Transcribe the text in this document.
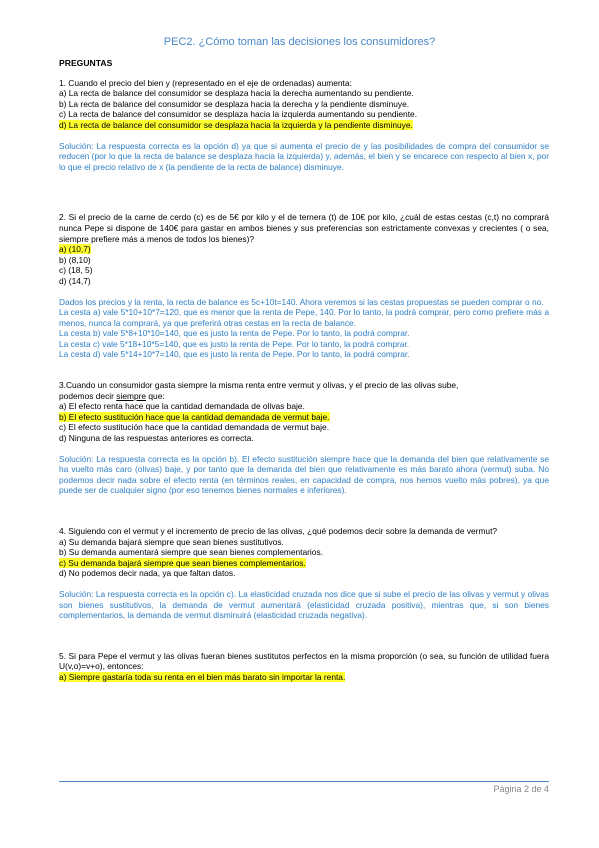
PEC2. ¿Cómo toman las decisiones los consumidores?
PREGUNTAS
1. Cuando el precio del bien y (representado en el eje de ordenadas) aumenta:
a) La recta de balance del consumidor se desplaza hacia la derecha aumentando su pendiente.
b) La recta de balance del consumidor se desplaza hacia la derecha y la pendiente disminuye.
c) La recta de balance del consumidor se desplaza hacia la izquierda aumentando su pendiente.
d) La recta de balance del consumidor se desplaza hacia la izquierda y la pendiente disminuye.
Solución: La respuesta correcta es la opción d) ya que si aumenta el precio de y las posibilidades de compra del consumidor se reducen (por lo que la recta de balance se desplaza hacia la izquierda) y, además, el bien y se encarece con respecto al bien x, por lo que el precio relativo de x (la pendiente de la recta de balance) disminuye.
2. Si el precio de la carne de cerdo (c) es de 5€ por kilo y el de ternera (t) de 10€ por kilo, ¿cuál de estas cestas (c,t) no comprará nunca Pepe si dispone de 140€ para gastar en ambos bienes y sus preferencias son estrictamente convexas y crecientes ( o sea, siempre prefiere más a menos de todos los bienes)?
a) (10,7)
b) (8,10)
c) (18, 5)
d) (14,7)
Dados los precios y la renta, la recta de balance es 5c+10t=140. Ahora veremos si las cestas propuestas se pueden comprar o no.
La cesta a) vale 5*10+10*7=120, que es menor que la renta de Pepe, 140. Por lo tanto, la podrá comprar, pero como prefiere más a menos, nunca la comprará, ya que preferirá otras cestas en la recta de balance.
La cesta b) vale 5*8+10*10=140, que es justo la renta de Pepe. Por lo tanto, la podrá comprar.
La cesta c) vale 5*18+10*5=140, que es justo la renta de Pepe. Por lo tanto, la podrá comprar.
La cesta d) vale 5*14+10*7=140, que es justo la renta de Pepe. Por lo tanto, la podrá comprar.
3.Cuando un consumidor gasta siempre la misma renta entre vermut y olivas, y el precio de las olivas sube,
podemos decir siempre que:
a) El efecto renta hace que la cantidad demandada de olivas baje.
b) El efecto sustitución hace que la cantidad demandada de vermut baje.
c) El efecto sustitución hace que la cantidad demandada de vermut baje.
d) Ninguna de las respuestas anteriores es correcta.
Solución: La respuesta correcta es la opción b). El efecto sustitución siempre hace que la demanda del bien que relativamente se ha vuelto más caro (olivas) baje, y por tanto que la demanda del bien que relativamente es más barato ahora (vermut) suba. No podemos decir nada sobre el efecto renta (en términos reales, en capacidad de compra, nos hemos vuelto más pobres), ya que puede ser de cualquier signo (por eso tenemos bienes normales e inferiores).
4. Siguiendo con el vermut y el incremento de precio de las olivas, ¿qué podemos decir sobre la demanda de vermut?
a) Su demanda bajará siempre que sean bienes sustitutivos.
b) Su demanda aumentará siempre que sean bienes complementarios.
c) Su demanda bajará siempre que sean bienes complementarios.
d) No podemos decir nada, ya que faltan datos.
Solución: La respuesta correcta es la opción c). La elasticidad cruzada nos dice que si sube el precio de las olivas y vermut y olivas son bienes sustitutivos, la demanda de vermut aumentará (elasticidad cruzada positiva), mientras que, si son bienes complementarios, la demanda de vermut disminuirá (elasticidad cruzada negativa).
5. Si para Pepe el vermut y las olivas fueran bienes sustitutos perfectos en la misma proporción (o sea, su función de utilidad fuera U(v,o)=v+o), entonces:
a) Siempre gastaría toda su renta en el bien más barato sin importar la renta.
Página 2 de 4
